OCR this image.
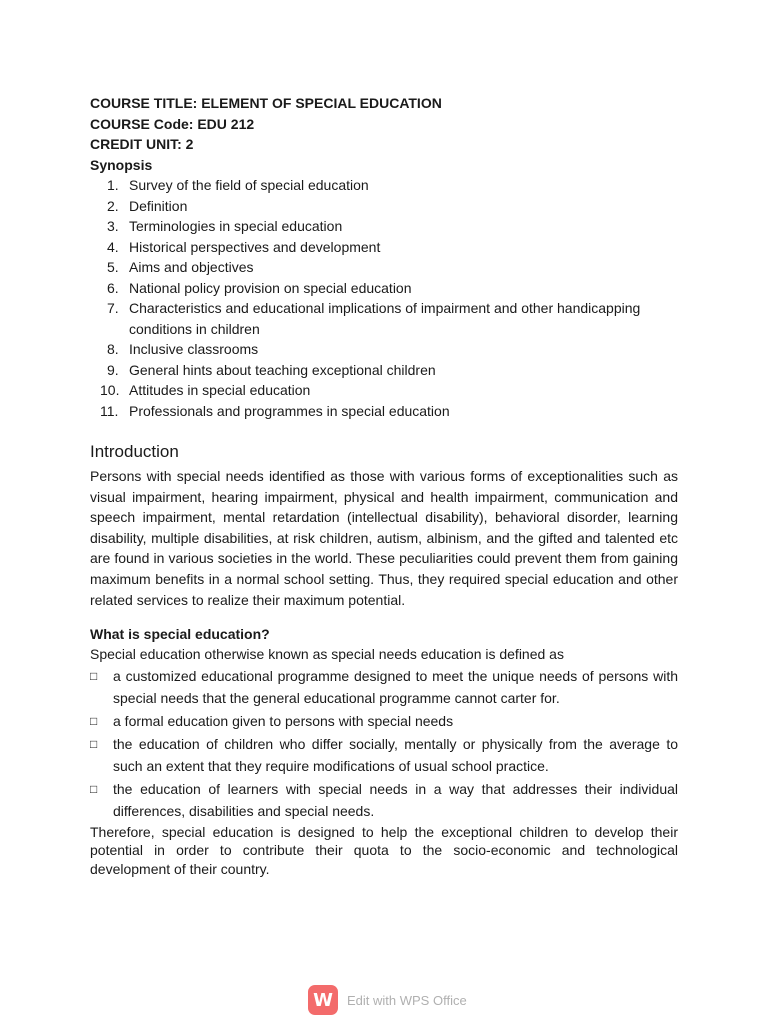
COURSE TITLE: ELEMENT OF SPECIAL EDUCATION
COURSE Code: EDU 212
CREDIT UNIT: 2
Synopsis
1. Survey of the field of special education
2. Definition
3. Terminologies in special education
4. Historical perspectives and development
5. Aims and objectives
6. National policy provision on special education
7. Characteristics and educational implications of impairment and other handicapping conditions in children
8. Inclusive classrooms
9. General hints about teaching exceptional children
10. Attitudes in special education
11. Professionals and programmes in special education
Introduction

Persons with special needs identified as those with various forms of exceptionalities such as visual impairment, hearing impairment, physical and health impairment, communication and speech impairment, mental retardation (intellectual disability), behavioral disorder, learning disability, multiple disabilities, at risk children, autism, albinism, and the gifted and talented etc are found in various societies in the world. These peculiarities could prevent them from gaining maximum benefits in a normal school setting. Thus, they required special education and other related services to realize their maximum potential.

What is special education?

Special education otherwise known as special needs education is defined as

□	a customized educational programme designed to meet the unique needs of persons with special needs that the general educational programme cannot carter for.
□	a formal education given to persons with special needs
□	the education of children who differ socially, mentally or physically from the average to such an extent that they require modifications of usual school practice.
□	the education of learners with special needs in a way that addresses their individual differences, disabilities and special needs.

Therefore, special education is designed to help the exceptional children to develop their potential in order to contribute their quota to the socio-economic and technological development of their country.

W	Edit with WPS Office
